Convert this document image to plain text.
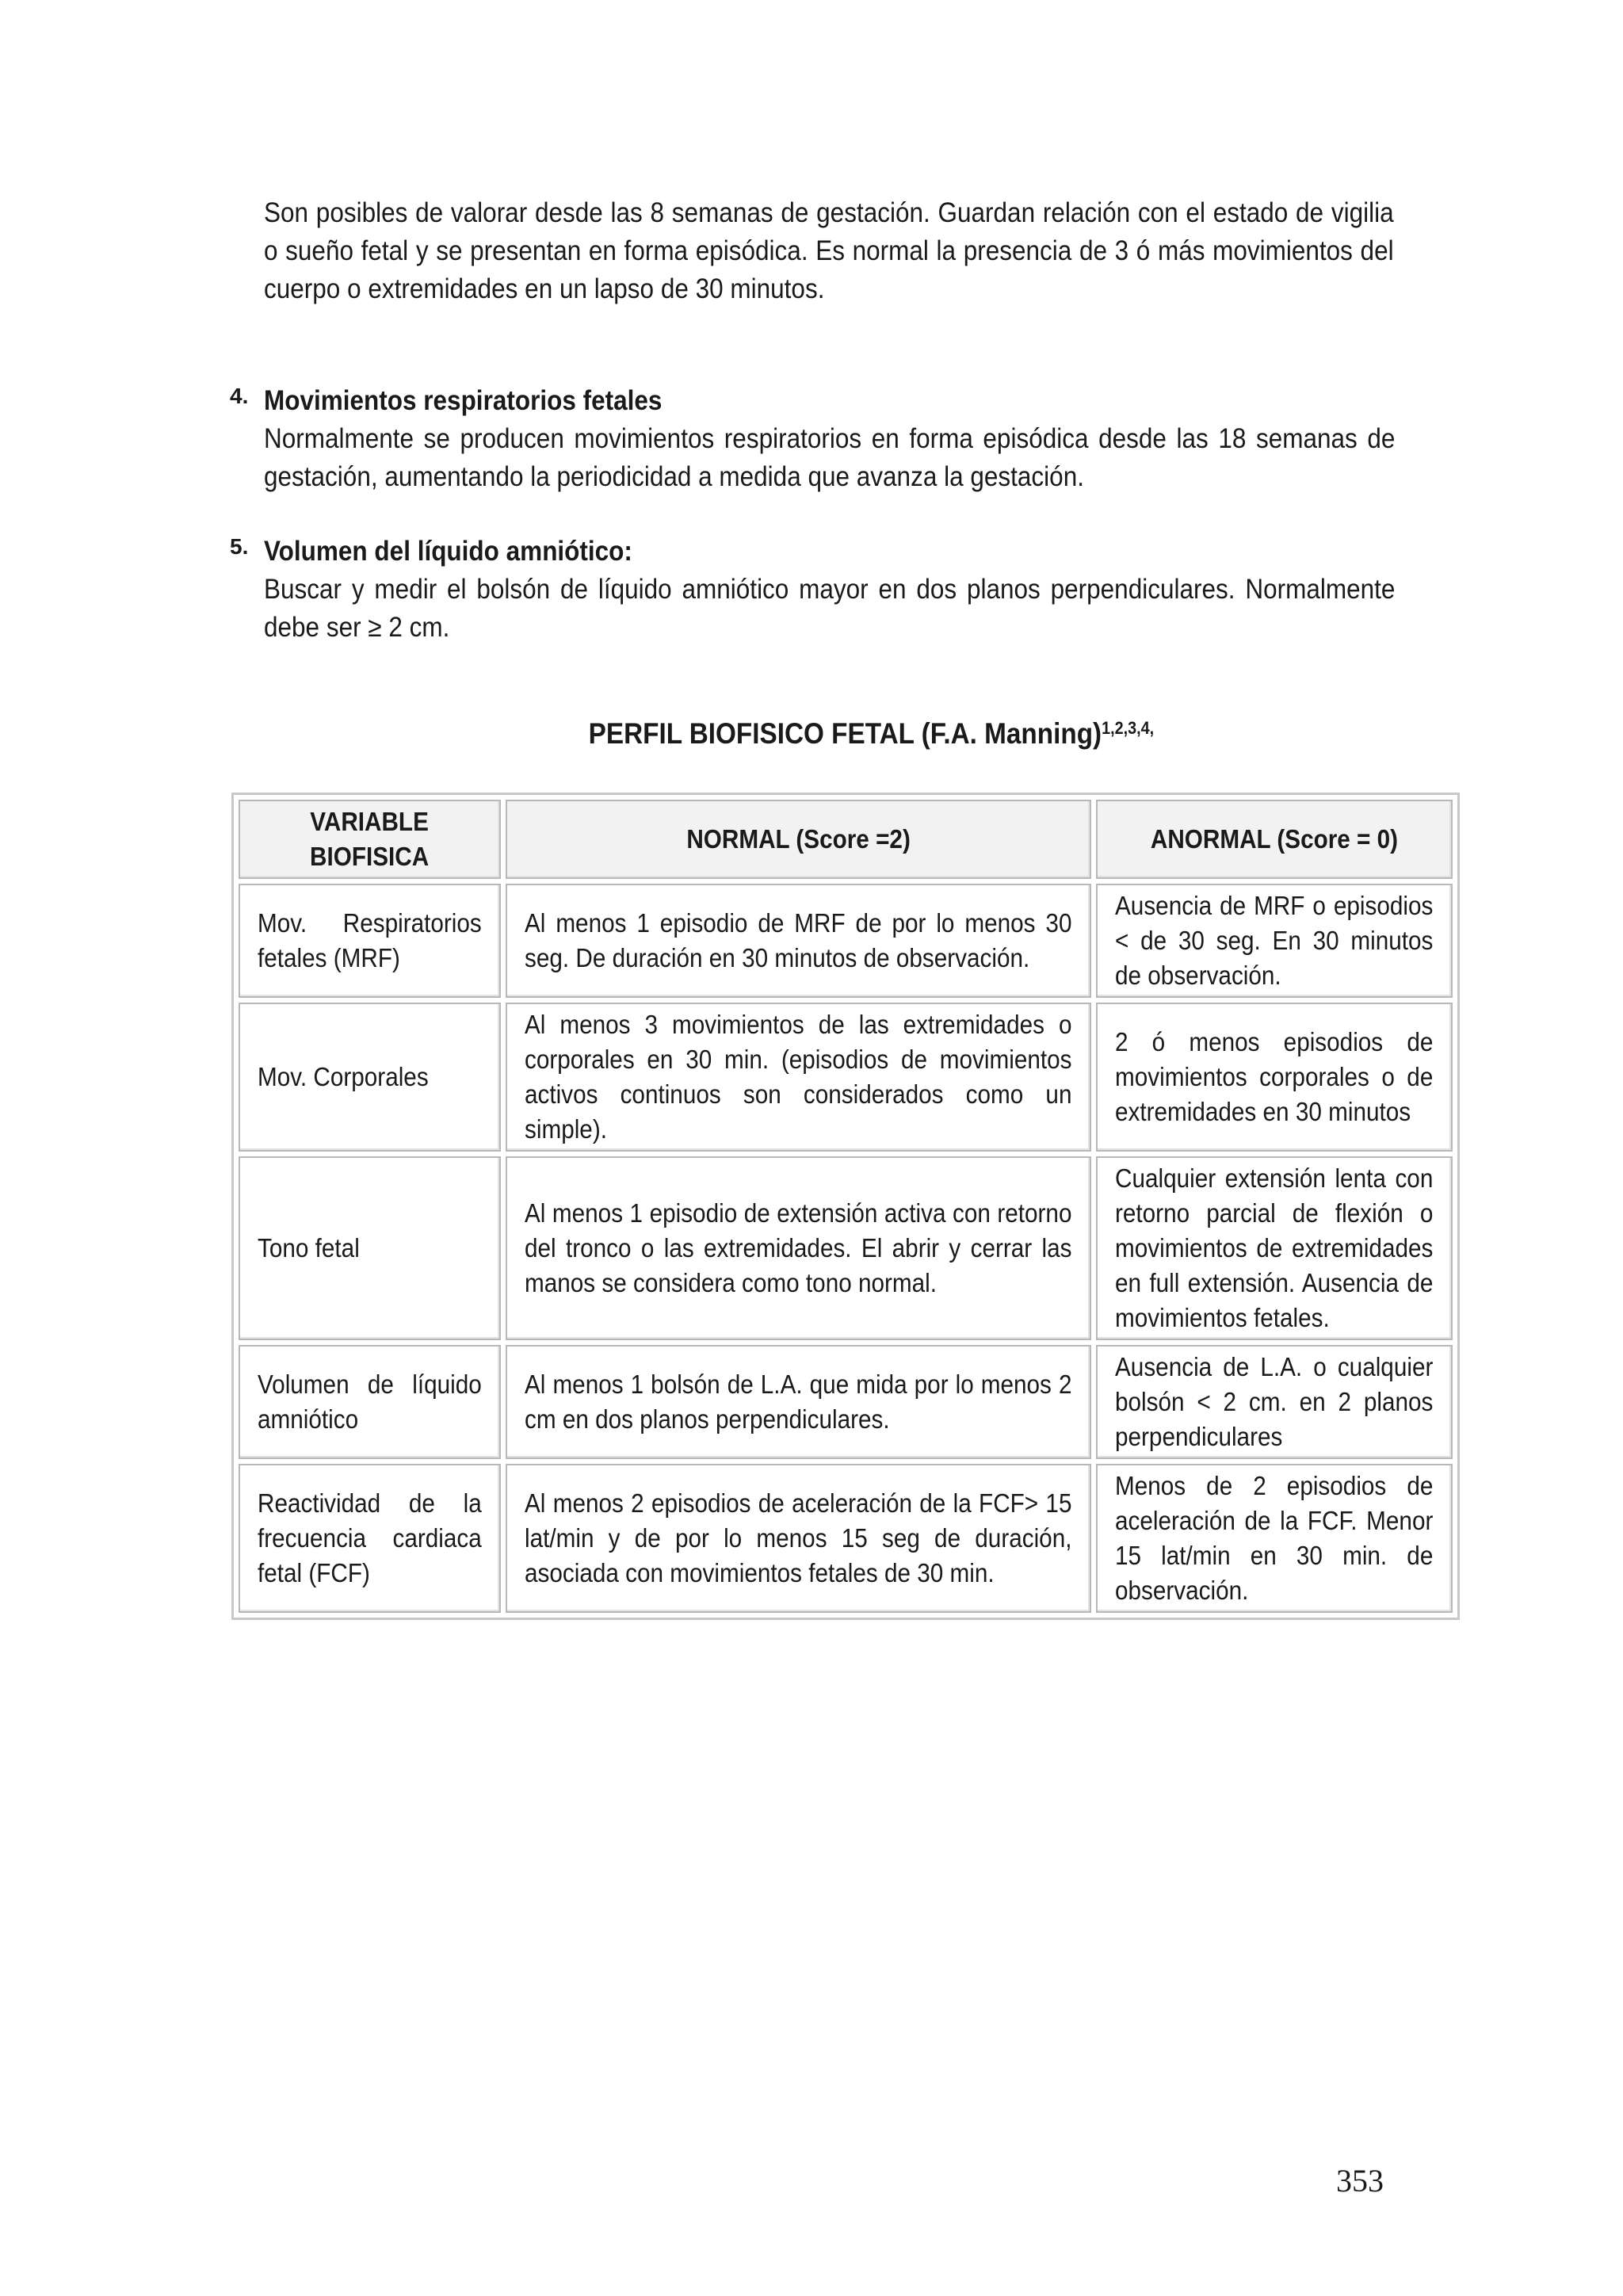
Son posibles de valorar desde las 8 semanas de gestación. Guardan relación con el estado de vigilia o sueño fetal y se presentan en forma episódica. Es normal la presencia de 3 ó más movimientos del cuerpo o extremidades en un lapso de 30 minutos.
4. Movimientos respiratorios fetales
Normalmente se producen movimientos respiratorios en forma episódica desde las 18 semanas de gestación, aumentando la periodicidad a medida que avanza la gestación.
5. Volumen del líquido amniótico:
Buscar y medir el bolsón de líquido amniótico mayor en dos planos perpendiculares. Normalmente debe ser ≥ 2 cm.
PERFIL BIOFISICO FETAL (F.A. Manning)$^{1,2,3,4,}$
VARIABLE BIOFISICA	NORMAL (Score =2)	ANORMAL (Score = 0)

Mov. Respiratorios fetales (MRF)	Al menos 1 episodio de MRF de por lo menos 30 seg. De duración en 30 minutos de observación.	Ausencia de MRF o episodios < de 30 seg. En 30 minutos de observación.

Mov. Corporales	Al menos 3 movimientos de las extremidades o corporales en 30 min. (episodios de movimientos activos continuos son considerados como un simple).	2 ó menos episodios de movimientos corporales o de extremidades en 30 minutos

Tono fetal	Al menos 1 episodio de extensión activa con retorno del tronco o las extremidades. El abrir y cerrar las manos se considera como tono normal.	Cualquier extensión lenta con retorno parcial de flexión o movimientos de extremidades en full extensión. Ausencia de movimientos fetales.

Volumen de líquido amniótico	Al menos 1 bolsón de L.A. que mida por lo menos 2 cm en dos planos perpendiculares.	Ausencia de L.A. o cualquier bolsón < 2 cm. en 2 planos perpendiculares

Reactividad de la frecuencia cardiaca fetal (FCF)	Al menos 2 episodios de aceleración de la FCF> 15 lat/min y de por lo menos 15 seg de duración, asociada con movimientos fetales de 30 min.	Menos de 2 episodios de aceleración de la FCF. Menor 15 lat/min en 30 min. de observación.
353
